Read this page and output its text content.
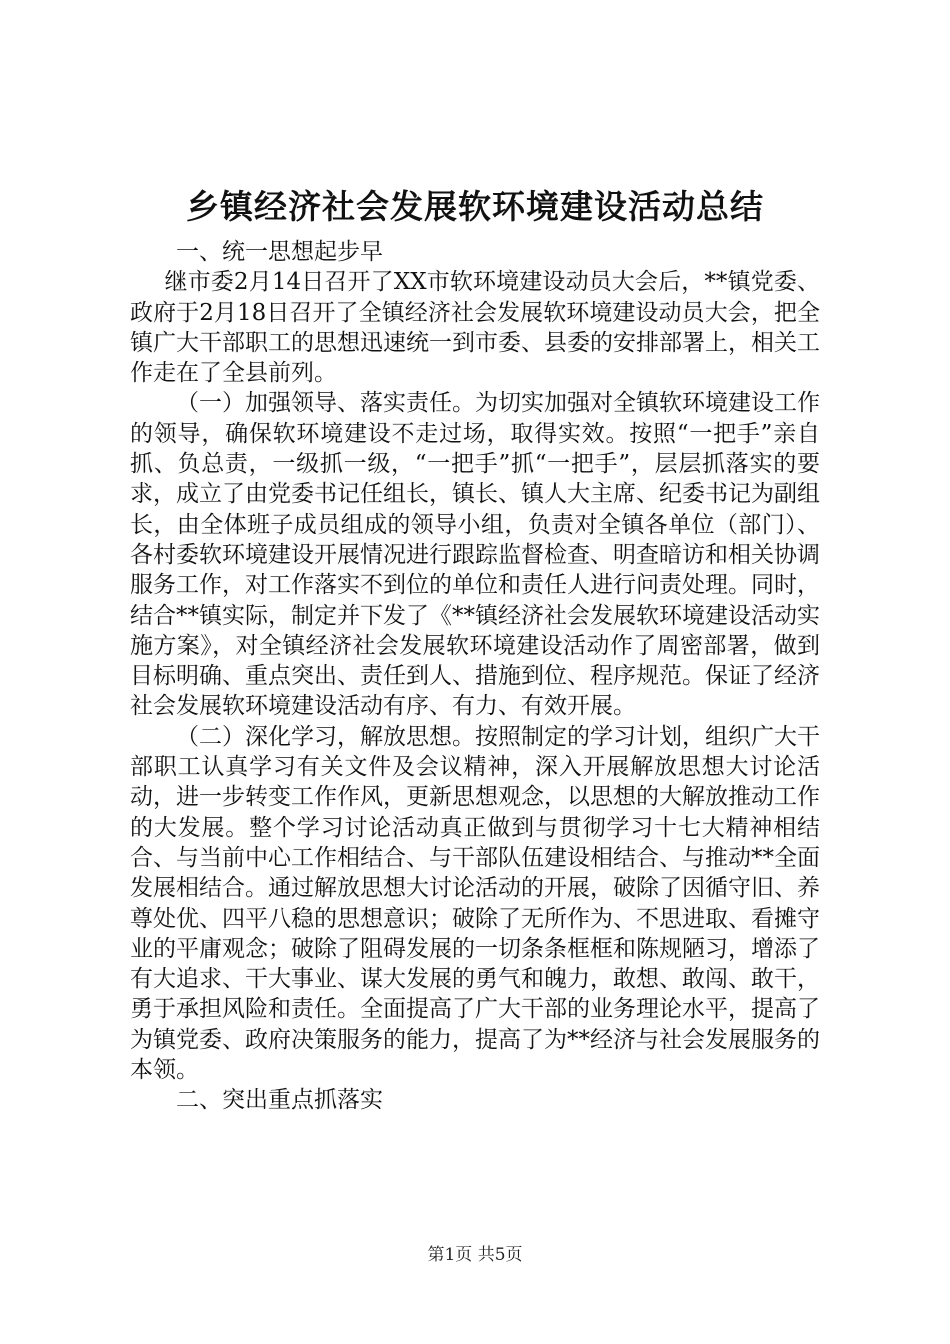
乡镇经济社会发展软环境建设活动总结

一、统一思想起步早

继市委2月14日召开了XX市软环境建设动员大会后，**镇党委、政府于2月18日召开了全镇经济社会发展软环境建设动员大会，把全镇广大干部职工的思想迅速统一到市委、县委的安排部署上，相关工作走在了全县前列。

（一）加强领导、落实责任。为切实加强对全镇软环境建设工作的领导，确保软环境建设不走过场，取得实效。按照“一把手”亲自抓、负总责，一级抓一级，“一把手”抓“一把手”，层层抓落实的要求，成立了由党委书记任组长，镇长、镇人大主席、纪委书记为副组长，由全体班子成员组成的领导小组，负责对全镇各单位（部门）、各村委软环境建设开展情况进行跟踪监督检查、明查暗访和相关协调服务工作，对工作落实不到位的单位和责任人进行问责处理。同时，结合**镇实际，制定并下发了《**镇经济社会发展软环境建设活动实施方案》，对全镇经济社会发展软环境建设活动作了周密部署，做到目标明确、重点突出、责任到人、措施到位、程序规范。保证了经济社会发展软环境建设活动有序、有力、有效开展。

（二）深化学习，解放思想。按照制定的学习计划，组织广大干部职工认真学习有关文件及会议精神，深入开展解放思想大讨论活动，进一步转变工作作风，更新思想观念，以思想的大解放推动工作的大发展。整个学习讨论活动真正做到与贯彻学习十七大精神相结合、与当前中心工作相结合、与干部队伍建设相结合、与推动**全面发展相结合。通过解放思想大讨论活动的开展，破除了因循守旧、养尊处优、四平八稳的思想意识；破除了无所作为、不思进取、看摊守业的平庸观念；破除了阻碍发展的一切条条框框和陈规陋习，增添了有大追求、干大事业、谋大发展的勇气和魄力，敢想、敢闯、敢干，勇于承担风险和责任。全面提高了广大干部的业务理论水平，提高了为镇党委、政府决策服务的能力，提高了为**经济与社会发展服务的本领。

二、突出重点抓落实

第1页 共5页
